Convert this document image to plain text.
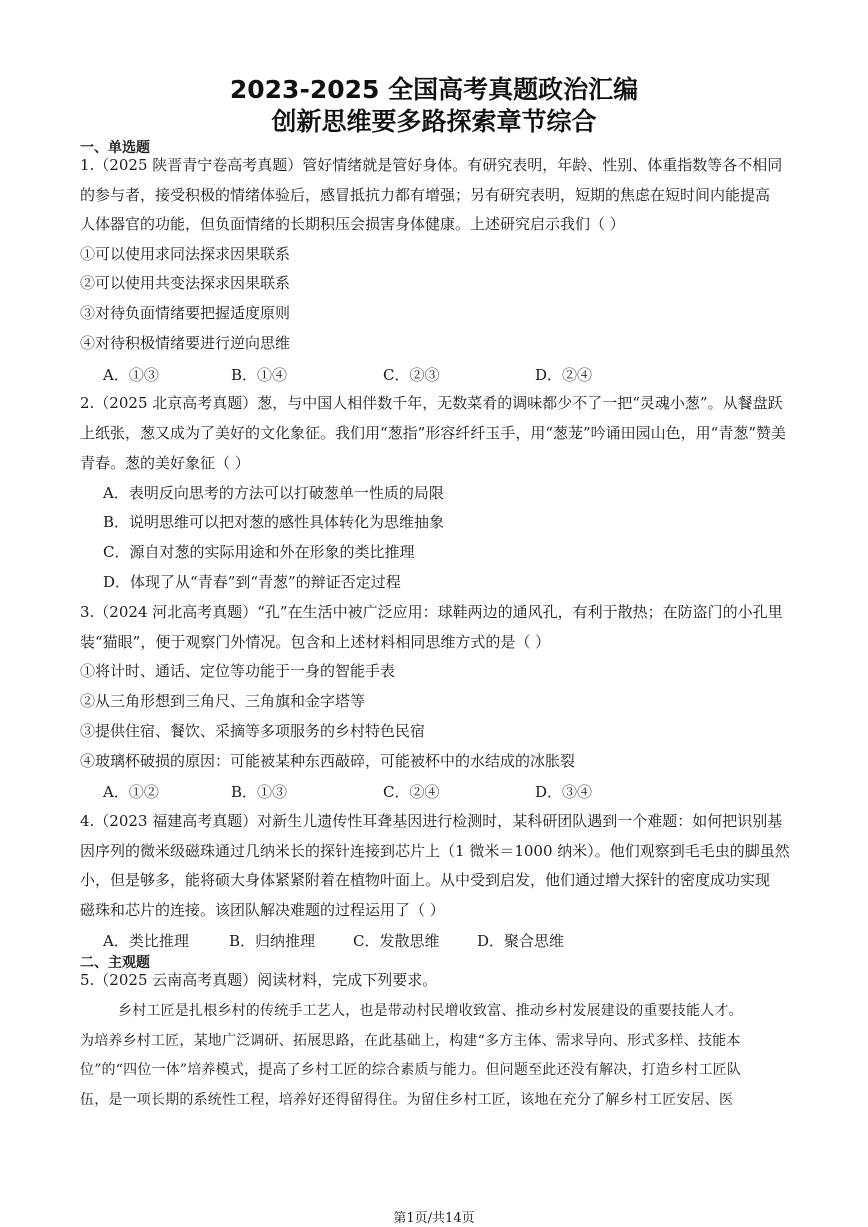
2023-2025 全国高考真题政治汇编
创新思维要多路探索章节综合
一、单选题
1.（2025 陕晋青宁卷高考真题）管好情绪就是管好身体。有研究表明，年龄、性别、体重指数等各不相同
的参与者，接受积极的情绪体验后，感冒抵抗力都有增强；另有研究表明，短期的焦虑在短时间内能提高
人体器官的功能，但负面情绪的长期积压会损害身体健康。上述研究启示我们（ ）
①可以使用求同法探求因果联系
②可以使用共变法探求因果联系
③对待负面情绪要把握适度原则
④对待积极情绪要进行逆向思维
A．①③	B．①④	C．②③	D．②④
2.（2025 北京高考真题）葱，与中国人相伴数千年，无数菜肴的调味都少不了一把“灵魂小葱”。从餐盘跃
上纸张，葱又成为了美好的文化象征。我们用“葱指”形容纤纤玉手，用“葱茏”吟诵田园山色，用“青葱”赞美
青春。葱的美好象征（ ）
A．表明反向思考的方法可以打破葱单一性质的局限
B．说明思维可以把对葱的感性具体转化为思维抽象
C．源自对葱的实际用途和外在形象的类比推理
D．体现了从“青春”到“青葱”的辩证否定过程
3.（2024 河北高考真题）“孔”在生活中被广泛应用：球鞋两边的通风孔，有利于散热；在防盗门的小孔里
装“猫眼”，便于观察门外情况。包含和上述材料相同思维方式的是（ ）
①将计时、通话、定位等功能于一身的智能手表
②从三角形想到三角尺、三角旗和金字塔等
③提供住宿、餐饮、采摘等多项服务的乡村特色民宿
④玻璃杯破损的原因：可能被某种东西敲碎，可能被杯中的水结成的冰胀裂
A．①②	B．①③	C．②④	D．③④
4.（2023 福建高考真题）对新生儿遗传性耳聋基因进行检测时，某科研团队遇到一个难题：如何把识别基
因序列的微米级磁珠通过几纳米长的探针连接到芯片上（1 微米＝1000 纳米）。他们观察到毛毛虫的脚虽然
小，但是够多，能将硕大身体紧紧附着在植物叶面上。从中受到启发，他们通过增大探针的密度成功实现
磁珠和芯片的连接。该团队解决难题的过程运用了（ ）
A．类比推理	B．归纳推理	C．发散思维	D．聚合思维
二、主观题
5.（2025 云南高考真题）阅读材料，完成下列要求。
乡村工匠是扎根乡村的传统手工艺人，也是带动村民增收致富、推动乡村发展建设的重要技能人才。
为培养乡村工匠，某地广泛调研、拓展思路，在此基础上，构建“多方主体、需求导向、形式多样、技能本
位”的“四位一体”培养模式，提高了乡村工匠的综合素质与能力。但问题至此还没有解决，打造乡村工匠队
伍，是一项长期的系统性工程，培养好还得留得住。为留住乡村工匠，该地在充分了解乡村工匠安居、医
第1页/共14页
